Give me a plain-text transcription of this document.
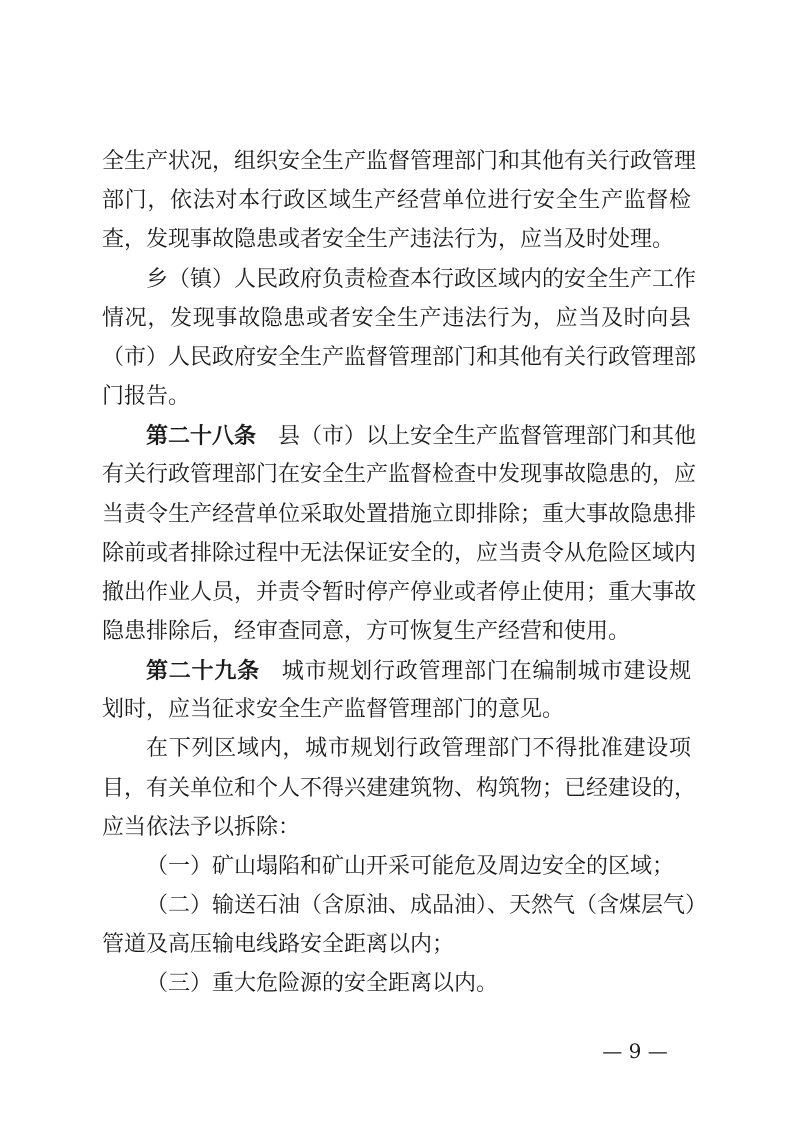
全生产状况，组织安全生产监督管理部门和其他有关行政管理
部门，依法对本行政区域生产经营单位进行安全生产监督检
查，发现事故隐患或者安全生产违法行为，应当及时处理。
乡（镇）人民政府负责检查本行政区域内的安全生产工作
情况，发现事故隐患或者安全生产违法行为，应当及时向县
（市）人民政府安全生产监督管理部门和其他有关行政管理部
门报告。
第二十八条 县（市）以上安全生产监督管理部门和其他
有关行政管理部门在安全生产监督检查中发现事故隐患的，应
当责令生产经营单位采取处置措施立即排除；重大事故隐患排
除前或者排除过程中无法保证安全的，应当责令从危险区域内
撤出作业人员，并责令暂时停产停业或者停止使用；重大事故
隐患排除后，经审查同意，方可恢复生产经营和使用。
第二十九条 城市规划行政管理部门在编制城市建设规
划时，应当征求安全生产监督管理部门的意见。
在下列区域内，城市规划行政管理部门不得批准建设项
目，有关单位和个人不得兴建建筑物、构筑物；已经建设的，
应当依法予以拆除：
（一）矿山塌陷和矿山开采可能危及周边安全的区域；
（二）输送石油（含原油、成品油）、天然气（含煤层气）
管道及高压输电线路安全距离以内；
（三）重大危险源的安全距离以内。
— 9 —
